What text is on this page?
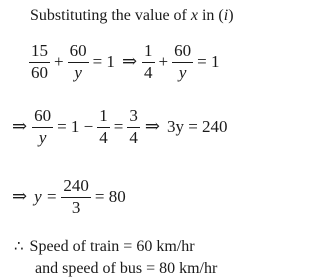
Substituting the value of x in (i)
$\frac{15}{60} + \frac{60}{y} = 1$ ⇒ $\frac{1}{4} + \frac{60}{y} = 1$
⇒ $\frac{60}{y} = 1 - \frac{1}{4} = \frac{3}{4}$ ⇒ 3y = 240
⇒ $y = \frac{240}{3} = 80$
∴ Speed of train = 60 km/hr
and speed of bus = 80 km/hr
